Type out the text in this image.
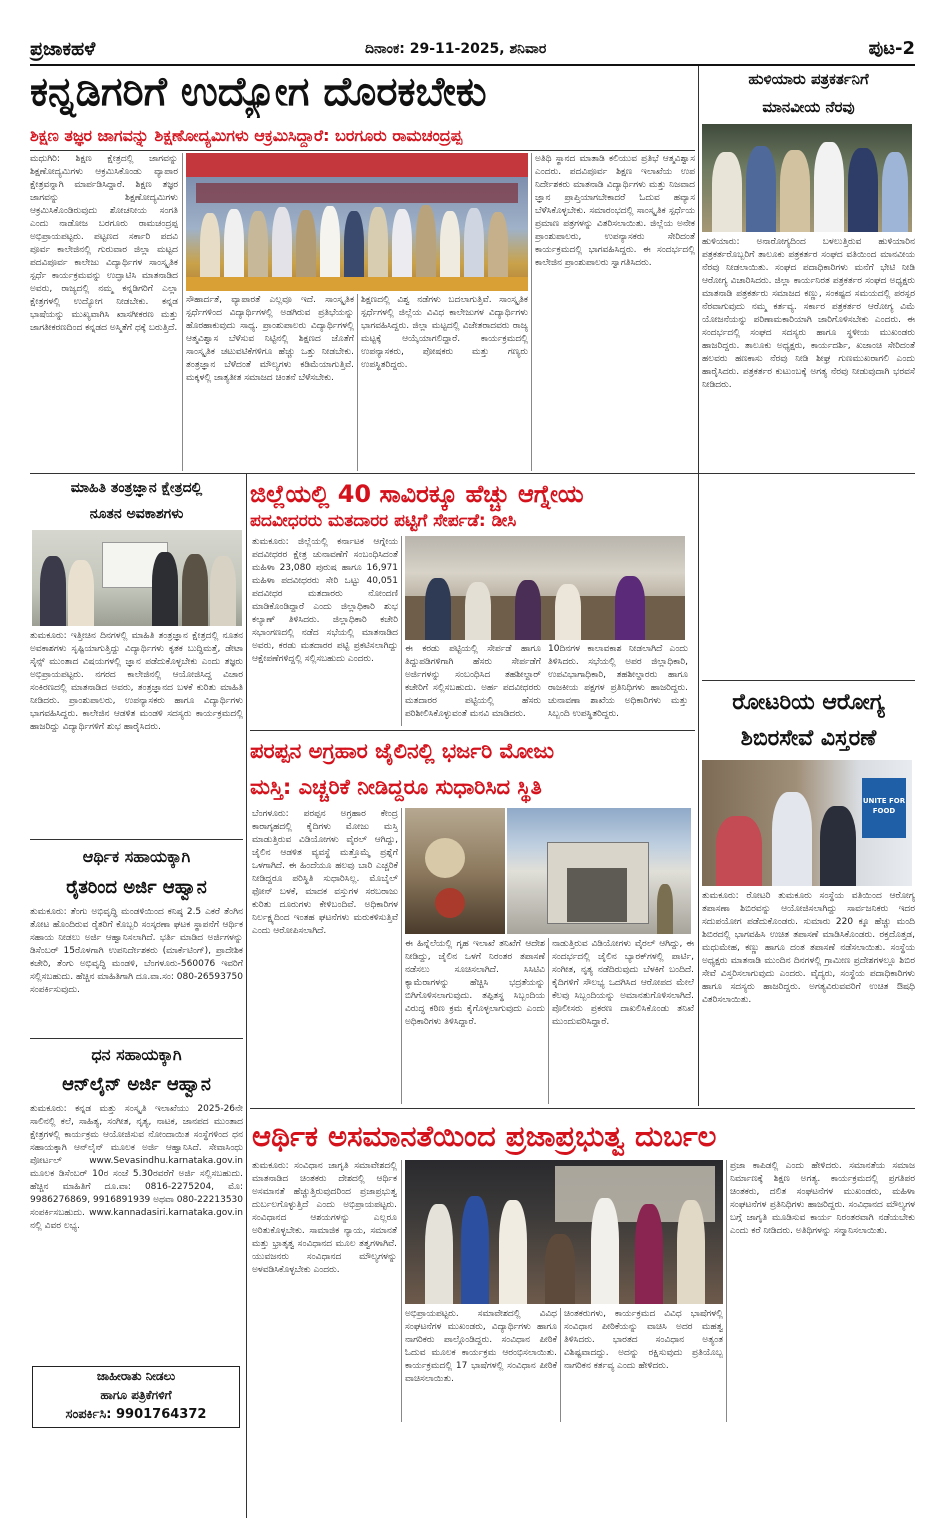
ಪ್ರಜಾಕಹಳೆ	ದಿನಾಂಕ: 29-11-2025, ಶನಿವಾರ	ಪುಟ-2
ಕನ್ನಡಿಗರಿಗೆ ಉದ್ಯೋಗ ದೊರಕಬೇಕು
ಶಿಕ್ಷಣ ತಜ್ಞರ ಜಾಗವನ್ನು ಶಿಕ್ಷಣೋದ್ಯಮಿಗಳು ಆಕ್ರಮಿಸಿದ್ದಾರೆ: ಬರಗೂರು ರಾಮಚಂದ್ರಪ್ಪ
ಮಧುಗಿರಿ: ಶಿಕ್ಷಣ ಕ್ಷೇತ್ರದಲ್ಲಿ ಜಾಗವನ್ನು ಶಿಕ್ಷಣೋದ್ಯಮಿಗಳು ಆಕ್ರಮಿಸಿಕೊಂಡು ವ್ಯಾಪಾರ ಕ್ಷೇತ್ರವನ್ನಾಗಿ ಮಾರ್ಪಡಿಸಿದ್ದಾರೆ. ಶಿಕ್ಷಣ ತಜ್ಞರ ಜಾಗವನ್ನು ಶಿಕ್ಷಣೋದ್ಯಮಿಗಳು ಆಕ್ರಮಿಸಿಕೊಂಡಿರುವುದು ಶೋಚನೀಯ ಸಂಗತಿ ಎಂದು ನಾಡೋಜ ಬರಗೂರು ರಾಮಚಂದ್ರಪ್ಪ ಅಭಿಪ್ರಾಯಪಟ್ಟರು. ಪಟ್ಟಣದ ಸರ್ಕಾರಿ ಪದವಿ ಪೂರ್ವ ಕಾಲೇಜಿನಲ್ಲಿ ಗುರುವಾರ ಜಿಲ್ಲಾ ಮಟ್ಟದ ಪದವಿಪೂರ್ವ ಕಾಲೇಜು ವಿದ್ಯಾರ್ಥಿಗಳ ಸಾಂಸ್ಕೃತಿಕ ಸ್ಪರ್ಧೆ ಕಾರ್ಯಕ್ರಮವನ್ನು ಉದ್ಘಾಟಿಸಿ ಮಾತನಾಡಿದ ಅವರು, ರಾಜ್ಯದಲ್ಲಿ ನಮ್ಮ ಕನ್ನಡಿಗರಿಗೆ ಎಲ್ಲಾ ಕ್ಷೇತ್ರಗಳಲ್ಲಿ ಉದ್ಯೋಗ ನೀಡಬೇಕು. ಕನ್ನಡ ಭಾಷೆಯನ್ನು ಮುಖ್ಯವಾಗಿಸಿ ಖಾಸಗೀಕರಣ ಮತ್ತು ಜಾಗತೀಕರಣದಿಂದ ಕನ್ನಡದ ಅಸ್ಮಿತೆಗೆ ಧಕ್ಕೆ ಬರುತ್ತಿದೆ.
ಸೌಹಾರ್ದತೆ, ವ್ಯಾಪಾರತೆ ಎಲ್ಲವೂ ಇದೆ. ಸಾಂಸ್ಕೃತಿಕ ಸ್ಪರ್ಧೆಗಳಿಂದ ವಿದ್ಯಾರ್ಥಿಗಳಲ್ಲಿ ಅಡಗಿರುವ ಪ್ರತಿಭೆಯನ್ನು ಹೊರಹಾಕುವುದು ಸಾಧ್ಯ. ಪ್ರಾಂಶುಪಾಲರು ವಿದ್ಯಾರ್ಥಿಗಳಲ್ಲಿ ಆತ್ಮವಿಶ್ವಾಸ ಬೆಳೆಸುವ ನಿಟ್ಟಿನಲ್ಲಿ ಶಿಕ್ಷಣದ ಜೊತೆಗೆ ಸಾಂಸ್ಕೃತಿಕ ಚಟುವಟಿಕೆಗಳಿಗೂ ಹೆಚ್ಚು ಒತ್ತು ನೀಡಬೇಕು. ತಂತ್ರಜ್ಞಾನ ಬೆಳೆದಂತೆ ಮೌಲ್ಯಗಳು ಕಡಿಮೆಯಾಗುತ್ತಿವೆ. ಮಕ್ಕಳಲ್ಲಿ ಜಾತ್ಯತೀತ ಸಮಾಜದ ಚಿಂತನೆ ಬೆಳೆಸಬೇಕು.
ಶಿಕ್ಷಣದಲ್ಲಿ ವಿಶ್ವ ನಡೆಗಳು ಬದಲಾಗುತ್ತಿವೆ. ಸಾಂಸ್ಕೃತಿಕ ಸ್ಪರ್ಧೆಗಳಲ್ಲಿ ಜಿಲ್ಲೆಯ ವಿವಿಧ ಕಾಲೇಜುಗಳ ವಿದ್ಯಾರ್ಥಿಗಳು ಭಾಗವಹಿಸಿದ್ದರು. ಜಿಲ್ಲಾ ಮಟ್ಟದಲ್ಲಿ ವಿಜೇತರಾದವರು ರಾಜ್ಯ ಮಟ್ಟಕ್ಕೆ ಆಯ್ಕೆಯಾಗಲಿದ್ದಾರೆ. ಕಾರ್ಯಕ್ರಮದಲ್ಲಿ ಉಪನ್ಯಾಸಕರು, ಪೋಷಕರು ಮತ್ತು ಗಣ್ಯರು ಉಪಸ್ಥಿತರಿದ್ದರು.
ಅತಿಥಿ ಸ್ಥಾನದ ಮಾತಾಡಿ ಕಲಿಯುವ ಪ್ರತಿಭೆ ಆತ್ಮವಿಶ್ವಾಸ ಎಂದರು. ಪದವಿಪೂರ್ವ ಶಿಕ್ಷಣ ಇಲಾಖೆಯ ಉಪ ನಿರ್ದೇಶಕರು ಮಾತನಾಡಿ ವಿದ್ಯಾರ್ಥಿಗಳು ಮತ್ತು ನಿಜವಾದ ಜ್ಞಾನ ಪ್ರಾಪ್ತಿಯಾಗಬೇಕಾದರೆ ಓದುವ ಹವ್ಯಾಸ ಬೆಳೆಸಿಕೊಳ್ಳಬೇಕು. ಸಮಾರಂಭದಲ್ಲಿ ಸಾಂಸ್ಕೃತಿಕ ಸ್ಪರ್ಧೆಯ ಪ್ರಮಾಣ ಪತ್ರಗಳನ್ನು ವಿತರಿಸಲಾಯಿತು. ಜಿಲ್ಲೆಯ ಅನೇಕ ಪ್ರಾಂಶುಪಾಲರು, ಉಪನ್ಯಾಸಕರು ಸೇರಿದಂತೆ ಕಾರ್ಯಕ್ರಮದಲ್ಲಿ ಭಾಗವಹಿಸಿದ್ದರು. ಈ ಸಂದರ್ಭದಲ್ಲಿ ಕಾಲೇಜಿನ ಪ್ರಾಂಶುಪಾಲರು ಸ್ವಾಗತಿಸಿದರು.
ಹುಳಿಯಾರು ಪತ್ರಕರ್ತನಿಗೆ
ಮಾನವೀಯ ನೆರವು
ಹುಳಿಯಾರು: ಅನಾರೋಗ್ಯದಿಂದ ಬಳಲುತ್ತಿರುವ ಹುಳಿಯಾರಿನ ಪತ್ರಕರ್ತರೊಬ್ಬರಿಗೆ ತಾಲೂಕು ಪತ್ರಕರ್ತರ ಸಂಘದ ವತಿಯಿಂದ ಮಾನವೀಯ ನೆರವು ನೀಡಲಾಯಿತು. ಸಂಘದ ಪದಾಧಿಕಾರಿಗಳು ಮನೆಗೆ ಭೇಟಿ ನೀಡಿ ಆರೋಗ್ಯ ವಿಚಾರಿಸಿದರು. ಜಿಲ್ಲಾ ಕಾರ್ಯನಿರತ ಪತ್ರಕರ್ತರ ಸಂಘದ ಅಧ್ಯಕ್ಷರು ಮಾತನಾಡಿ ಪತ್ರಕರ್ತರು ಸಮಾಜದ ಕಣ್ಣು, ಸಂಕಷ್ಟದ ಸಮಯದಲ್ಲಿ ಪರಸ್ಪರ ನೆರವಾಗುವುದು ನಮ್ಮ ಕರ್ತವ್ಯ. ಸರ್ಕಾರ ಪತ್ರಕರ್ತರ ಆರೋಗ್ಯ ವಿಮೆ ಯೋಜನೆಯನ್ನು ಪರಿಣಾಮಕಾರಿಯಾಗಿ ಜಾರಿಗೊಳಿಸಬೇಕು ಎಂದರು. ಈ ಸಂದರ್ಭದಲ್ಲಿ ಸಂಘದ ಸದಸ್ಯರು ಹಾಗೂ ಸ್ಥಳೀಯ ಮುಖಂಡರು ಹಾಜರಿದ್ದರು. ತಾಲೂಕು ಅಧ್ಯಕ್ಷರು, ಕಾರ್ಯದರ್ಶಿ, ಖಜಾಂಚಿ ಸೇರಿದಂತೆ ಹಲವರು ಹಣಕಾಸು ನೆರವು ನೀಡಿ ಶೀಘ್ರ ಗುಣಮುಖರಾಗಲಿ ಎಂದು ಹಾರೈಸಿದರು. ಪತ್ರಕರ್ತರ ಕುಟುಂಬಕ್ಕೆ ಅಗತ್ಯ ನೆರವು ನೀಡುವುದಾಗಿ ಭರವಸೆ ನೀಡಿದರು.
ರೋಟರಿಯ ಆರೋಗ್ಯ
ಶಿಬಿರಸೇವೆ ವಿಸ್ತರಣೆ
UNITE FOR FOOD
ತುಮಕೂರು: ರೋಟರಿ ತುಮಕೂರು ಸಂಸ್ಥೆಯ ವತಿಯಿಂದ ಆರೋಗ್ಯ ತಪಾಸಣಾ ಶಿಬಿರವನ್ನು ಆಯೋಜಿಸಲಾಗಿದ್ದು ಸಾರ್ವಜನಿಕರು ಇದರ ಸದುಪಯೋಗ ಪಡೆದುಕೊಂಡರು. ಸುಮಾರು 220 ಕ್ಕೂ ಹೆಚ್ಚು ಮಂದಿ ಶಿಬಿರದಲ್ಲಿ ಭಾಗವಹಿಸಿ ಉಚಿತ ತಪಾಸಣೆ ಮಾಡಿಸಿಕೊಂಡರು. ರಕ್ತದೊತ್ತಡ, ಮಧುಮೇಹ, ಕಣ್ಣು ಹಾಗೂ ದಂತ ತಪಾಸಣೆ ನಡೆಸಲಾಯಿತು. ಸಂಸ್ಥೆಯ ಅಧ್ಯಕ್ಷರು ಮಾತನಾಡಿ ಮುಂದಿನ ದಿನಗಳಲ್ಲಿ ಗ್ರಾಮೀಣ ಪ್ರದೇಶಗಳಲ್ಲೂ ಶಿಬಿರ ಸೇವೆ ವಿಸ್ತರಿಸಲಾಗುವುದು ಎಂದರು. ವೈದ್ಯರು, ಸಂಸ್ಥೆಯ ಪದಾಧಿಕಾರಿಗಳು ಹಾಗೂ ಸದಸ್ಯರು ಹಾಜರಿದ್ದರು. ಅಗತ್ಯವಿರುವವರಿಗೆ ಉಚಿತ ಔಷಧಿ ವಿತರಿಸಲಾಯಿತು.
ಮಾಹಿತಿ ತಂತ್ರಜ್ಞಾನ ಕ್ಷೇತ್ರದಲ್ಲಿ
ನೂತನ ಅವಕಾಶಗಳು
ತುಮಕೂರು: ಇತ್ತೀಚಿನ ದಿನಗಳಲ್ಲಿ ಮಾಹಿತಿ ತಂತ್ರಜ್ಞಾನ ಕ್ಷೇತ್ರದಲ್ಲಿ ನೂತನ ಅವಕಾಶಗಳು ಸೃಷ್ಟಿಯಾಗುತ್ತಿದ್ದು ವಿದ್ಯಾರ್ಥಿಗಳು ಕೃತಕ ಬುದ್ಧಿಮತ್ತೆ, ಡೇಟಾ ಸೈನ್ಸ್ ಮುಂತಾದ ವಿಷಯಗಳಲ್ಲಿ ಜ್ಞಾನ ಪಡೆದುಕೊಳ್ಳಬೇಕು ಎಂದು ತಜ್ಞರು ಅಭಿಪ್ರಾಯಪಟ್ಟರು. ನಗರದ ಕಾಲೇಜಿನಲ್ಲಿ ಆಯೋಜಿಸಿದ್ದ ವಿಚಾರ ಸಂಕಿರಣದಲ್ಲಿ ಮಾತನಾಡಿದ ಅವರು, ತಂತ್ರಜ್ಞಾನದ ಬಳಕೆ ಕುರಿತು ಮಾಹಿತಿ ನೀಡಿದರು. ಪ್ರಾಂಶುಪಾಲರು, ಉಪನ್ಯಾಸಕರು ಹಾಗೂ ವಿದ್ಯಾರ್ಥಿಗಳು ಭಾಗವಹಿಸಿದ್ದರು. ಕಾಲೇಜಿನ ಆಡಳಿತ ಮಂಡಳಿ ಸದಸ್ಯರು ಕಾರ್ಯಕ್ರಮದಲ್ಲಿ ಹಾಜರಿದ್ದು ವಿದ್ಯಾರ್ಥಿಗಳಿಗೆ ಶುಭ ಹಾರೈಸಿದರು.
ಆರ್ಥಿಕ ಸಹಾಯಕ್ಕಾಗಿ
ರೈತರಿಂದ ಅರ್ಜಿ ಆಹ್ವಾನ
ತುಮಕೂರು: ತೆಂಗು ಅಭಿವೃದ್ಧಿ ಮಂಡಳಿಯಿಂದ ಕನಿಷ್ಠ 2.5 ಎಕರೆ ತೆಂಗಿನ ತೋಟ ಹೊಂದಿರುವ ರೈತರಿಗೆ ಕೊಬ್ಬರಿ ಸಂಸ್ಕರಣಾ ಘಟಕ ಸ್ಥಾಪನೆಗೆ ಆರ್ಥಿಕ ಸಹಾಯ ನೀಡಲು ಅರ್ಜಿ ಆಹ್ವಾನಿಸಲಾಗಿದೆ. ಭರ್ತಿ ಮಾಡಿದ ಅರ್ಜಿಗಳನ್ನು ಡಿಸೆಂಬರ್ 15ರೊಳಗಾಗಿ ಉಪನಿರ್ದೇಶಕರು (ಮಾರ್ಕೆಟಿಂಗ್), ಪ್ರಾದೇಶಿಕ ಕಚೇರಿ, ತೆಂಗು ಅಭಿವೃದ್ಧಿ ಮಂಡಳಿ, ಬೆಂಗಳೂರು-560076 ಇವರಿಗೆ ಸಲ್ಲಿಸಬಹುದು. ಹೆಚ್ಚಿನ ಮಾಹಿತಿಗಾಗಿ ದೂ.ವಾ.ಸಂ: 080-26593750 ಸಂಪರ್ಕಿಸುವುದು.
ಧನ ಸಹಾಯಕ್ಕಾಗಿ
ಆನ್‌ಲೈನ್ ಅರ್ಜಿ ಆಹ್ವಾನ
ತುಮಕೂರು: ಕನ್ನಡ ಮತ್ತು ಸಂಸ್ಕೃತಿ ಇಲಾಖೆಯು 2025-26ನೇ ಸಾಲಿನಲ್ಲಿ ಕಲೆ, ಸಾಹಿತ್ಯ, ಸಂಗೀತ, ನೃತ್ಯ, ನಾಟಕ, ಜಾನಪದ ಮುಂತಾದ ಕ್ಷೇತ್ರಗಳಲ್ಲಿ ಕಾರ್ಯಕ್ರಮ ಆಯೋಜಿಸುವ ನೋಂದಾಯಿತ ಸಂಸ್ಥೆಗಳಿಂದ ಧನ ಸಹಾಯಕ್ಕಾಗಿ ಆನ್‌ಲೈನ್ ಮೂಲಕ ಅರ್ಜಿ ಆಹ್ವಾನಿಸಿದೆ. ಸೇವಾಸಿಂಧು ಪೋರ್ಟಲ್ www.Sevasindhu.karnataka.gov.in ಮೂಲಕ ಡಿಸೆಂಬರ್ 10ರ ಸಂಜೆ 5.30ರವರೆಗೆ ಅರ್ಜಿ ಸಲ್ಲಿಸಬಹುದು. ಹೆಚ್ಚಿನ ಮಾಹಿತಿಗೆ ದೂ.ವಾ: 0816-2275204, ಮೊ: 9986276869, 9916891939 ಅಥವಾ 080-22213530 ಸಂಪರ್ಕಿಸಬಹುದು. www.kannadasiri.karnataka.gov.in ನಲ್ಲಿ ವಿವರ ಲಭ್ಯ.
ಜಾಹೀರಾತು ನೀಡಲು
ಹಾಗೂ ಪತ್ರಿಕೆಗಳಿಗೆ
ಸಂಪರ್ಕಿಸಿ: 9901764372
ಜಿಲ್ಲೆಯಲ್ಲಿ 40 ಸಾವಿರಕ್ಕೂ ಹೆಚ್ಚು ಆಗ್ನೇಯ
ಪದವೀಧರರು ಮತದಾರರ ಪಟ್ಟಿಗೆ ಸೇರ್ಪಡೆ: ಡೀಸಿ
ತುಮಕೂರು: ಜಿಲ್ಲೆಯಲ್ಲಿ ಕರ್ನಾಟಕ ಆಗ್ನೇಯ ಪದವೀಧರರ ಕ್ಷೇತ್ರ ಚುನಾವಣೆಗೆ ಸಂಬಂಧಿಸಿದಂತೆ ಮಹಿಳಾ 23,080 ಪುರುಷ ಹಾಗೂ 16,971 ಮಹಿಳಾ ಪದವೀಧರರು ಸೇರಿ ಒಟ್ಟು 40,051 ಪದವೀಧರ ಮತದಾರರು ನೋಂದಣಿ ಮಾಡಿಕೊಂಡಿದ್ದಾರೆ ಎಂದು ಜಿಲ್ಲಾಧಿಕಾರಿ ಶುಭ ಕಲ್ಯಾಣ್ ತಿಳಿಸಿದರು. ಜಿಲ್ಲಾಧಿಕಾರಿ ಕಚೇರಿ ಸಭಾಂಗಣದಲ್ಲಿ ನಡೆದ ಸಭೆಯಲ್ಲಿ ಮಾತನಾಡಿದ ಅವರು, ಕರಡು ಮತದಾರರ ಪಟ್ಟಿ ಪ್ರಕಟಿಸಲಾಗಿದ್ದು ಆಕ್ಷೇಪಣೆಗಳಿದ್ದಲ್ಲಿ ಸಲ್ಲಿಸಬಹುದು ಎಂದರು.
ಈ ಕರಡು ಪಟ್ಟಿಯಲ್ಲಿ ಸೇರ್ಪಡೆ ಹಾಗೂ ತಿದ್ದುಪಡಿಗಳಿಗಾಗಿ ಹೆಸರು ಸೇರ್ಪಡೆಗೆ ಅರ್ಜಿಗಳನ್ನು ಸಂಬಂಧಿಸಿದ ತಹಶೀಲ್ದಾರ್ ಕಚೇರಿಗೆ ಸಲ್ಲಿಸಬಹುದು. ಅರ್ಹ ಪದವೀಧರರು ಮತದಾರರ ಪಟ್ಟಿಯಲ್ಲಿ ಹೆಸರು ಪರಿಶೀಲಿಸಿಕೊಳ್ಳುವಂತೆ ಮನವಿ ಮಾಡಿದರು.
10ದಿನಗಳ ಕಾಲಾವಕಾಶ ನೀಡಲಾಗಿದೆ ಎಂದು ತಿಳಿಸಿದರು. ಸಭೆಯಲ್ಲಿ ಅಪರ ಜಿಲ್ಲಾಧಿಕಾರಿ, ಉಪವಿಭಾಗಾಧಿಕಾರಿ, ತಹಶೀಲ್ದಾರರು ಹಾಗೂ ರಾಜಕೀಯ ಪಕ್ಷಗಳ ಪ್ರತಿನಿಧಿಗಳು ಹಾಜರಿದ್ದರು. ಚುನಾವಣಾ ಶಾಖೆಯ ಅಧಿಕಾರಿಗಳು ಮತ್ತು ಸಿಬ್ಬಂದಿ ಉಪಸ್ಥಿತರಿದ್ದರು.
ಪರಪ್ಪನ ಅಗ್ರಹಾರ ಜೈಲಿನಲ್ಲಿ ಭರ್ಜರಿ ಮೋಜು
ಮಸ್ತಿ: ಎಚ್ಚರಿಕೆ ನೀಡಿದ್ದರೂ ಸುಧಾರಿಸಿದ ಸ್ಥಿತಿ
ಬೆಂಗಳೂರು: ಪರಪ್ಪನ ಅಗ್ರಹಾರ ಕೇಂದ್ರ ಕಾರಾಗೃಹದಲ್ಲಿ ಕೈದಿಗಳು ಮೋಜು ಮಸ್ತಿ ಮಾಡುತ್ತಿರುವ ವಿಡಿಯೋಗಳು ವೈರಲ್ ಆಗಿದ್ದು, ಜೈಲಿನ ಆಡಳಿತ ವ್ಯವಸ್ಥೆ ಮತ್ತೊಮ್ಮೆ ಪ್ರಶ್ನೆಗೆ ಒಳಗಾಗಿದೆ. ಈ ಹಿಂದೆಯೂ ಹಲವು ಬಾರಿ ಎಚ್ಚರಿಕೆ ನೀಡಿದ್ದರೂ ಪರಿಸ್ಥಿತಿ ಸುಧಾರಿಸಿಲ್ಲ. ಮೊಬೈಲ್ ಫೋನ್ ಬಳಕೆ, ಮಾದಕ ವಸ್ತುಗಳ ಸರಬರಾಜು ಕುರಿತು ದೂರುಗಳು ಕೇಳಿಬಂದಿವೆ. ಅಧಿಕಾರಿಗಳ ನಿರ್ಲಕ್ಷ್ಯದಿಂದ ಇಂತಹ ಘಟನೆಗಳು ಮರುಕಳಿಸುತ್ತಿವೆ ಎಂದು ಆರೋಪಿಸಲಾಗಿದೆ.
ಈ ಹಿನ್ನೆಲೆಯಲ್ಲಿ ಗೃಹ ಇಲಾಖೆ ತನಿಖೆಗೆ ಆದೇಶ ನೀಡಿದ್ದು, ಜೈಲಿನ ಒಳಗೆ ನಿರಂತರ ತಪಾಸಣೆ ನಡೆಸಲು ಸೂಚಿಸಲಾಗಿದೆ. ಸಿಸಿಟಿವಿ ಕ್ಯಾಮೆರಾಗಳನ್ನು ಹೆಚ್ಚಿಸಿ ಭದ್ರತೆಯನ್ನು ಬಿಗಿಗೊಳಿಸಲಾಗುವುದು. ತಪ್ಪಿತಸ್ಥ ಸಿಬ್ಬಂದಿಯ ವಿರುದ್ಧ ಕಠಿಣ ಕ್ರಮ ಕೈಗೊಳ್ಳಲಾಗುವುದು ಎಂದು ಅಧಿಕಾರಿಗಳು ತಿಳಿಸಿದ್ದಾರೆ.
ನಾಡುತ್ತಿರುವ ವಿಡಿಯೋಗಳು ವೈರಲ್ ಆಗಿದ್ದು, ಈ ಸಂದರ್ಭದಲ್ಲಿ ಜೈಲಿನ ಬ್ಯಾರಕ್‌ಗಳಲ್ಲಿ ಪಾರ್ಟಿ, ಸಂಗೀತ, ನೃತ್ಯ ನಡೆದಿರುವುದು ಬೆಳಕಿಗೆ ಬಂದಿದೆ. ಕೈದಿಗಳಿಗೆ ಸೌಲಭ್ಯ ಒದಗಿಸಿದ ಆರೋಪದ ಮೇಲೆ ಕೆಲವು ಸಿಬ್ಬಂದಿಯನ್ನು ಅಮಾನತುಗೊಳಿಸಲಾಗಿದೆ. ಪೊಲೀಸರು ಪ್ರಕರಣ ದಾಖಲಿಸಿಕೊಂಡು ತನಿಖೆ ಮುಂದುವರಿಸಿದ್ದಾರೆ.
ಆರ್ಥಿಕ ಅಸಮಾನತೆಯಿಂದ ಪ್ರಜಾಪ್ರಭುತ್ವ ದುರ್ಬಲ
ತುಮಕೂರು: ಸಂವಿಧಾನ ಜಾಗೃತಿ ಸಮಾವೇಶದಲ್ಲಿ ಮಾತನಾಡಿದ ಚಿಂತಕರು ದೇಶದಲ್ಲಿ ಆರ್ಥಿಕ ಅಸಮಾನತೆ ಹೆಚ್ಚುತ್ತಿರುವುದರಿಂದ ಪ್ರಜಾಪ್ರಭುತ್ವ ದುರ್ಬಲಗೊಳ್ಳುತ್ತಿದೆ ಎಂದು ಅಭಿಪ್ರಾಯಪಟ್ಟರು. ಸಂವಿಧಾನದ ಆಶಯಗಳನ್ನು ಎಲ್ಲರೂ ಅರಿತುಕೊಳ್ಳಬೇಕು. ಸಾಮಾಜಿಕ ನ್ಯಾಯ, ಸಮಾನತೆ ಮತ್ತು ಭ್ರಾತೃತ್ವ ಸಂವಿಧಾನದ ಮೂಲ ತತ್ವಗಳಾಗಿವೆ. ಯುವಜನರು ಸಂವಿಧಾನದ ಮೌಲ್ಯಗಳನ್ನು ಅಳವಡಿಸಿಕೊಳ್ಳಬೇಕು ಎಂದರು.
ಅಭಿಪ್ರಾಯಪಟ್ಟರು. ಸಮಾವೇಶದಲ್ಲಿ ವಿವಿಧ ಸಂಘಟನೆಗಳ ಮುಖಂಡರು, ವಿದ್ಯಾರ್ಥಿಗಳು ಹಾಗೂ ನಾಗರಿಕರು ಪಾಲ್ಗೊಂಡಿದ್ದರು. ಸಂವಿಧಾನ ಪೀಠಿಕೆ ಓದುವ ಮೂಲಕ ಕಾರ್ಯಕ್ರಮ ಆರಂಭಿಸಲಾಯಿತು. ಕಾರ್ಯಕ್ರಮದಲ್ಲಿ 17 ಭಾಷೆಗಳಲ್ಲಿ ಸಂವಿಧಾನ ಪೀಠಿಕೆ ವಾಚಿಸಲಾಯಿತು.
ಚಿಂತಕರುಗಳು, ಕಾರ್ಯಕ್ರಮದ ವಿವಿಧ ಭಾಷೆಗಳಲ್ಲಿ ಸಂವಿಧಾನ ಪೀಠಿಕೆಯನ್ನು ವಾಚಿಸಿ ಅದರ ಮಹತ್ವ ತಿಳಿಸಿದರು. ಭಾರತದ ಸಂವಿಧಾನ ಅತ್ಯಂತ ವಿಶಿಷ್ಟವಾದದ್ದು. ಅದನ್ನು ರಕ್ಷಿಸುವುದು ಪ್ರತಿಯೊಬ್ಬ ನಾಗರಿಕನ ಕರ್ತವ್ಯ ಎಂದು ಹೇಳಿದರು.
ಪ್ರಜಾ ಕಾಪಿಡಲ್ಲಿ ಎಂದು ಹೇಳಿದರು. ಸಮಾನತೆಯ ಸಮಾಜ ನಿರ್ಮಾಣಕ್ಕೆ ಶಿಕ್ಷಣ ಅಗತ್ಯ. ಕಾರ್ಯಕ್ರಮದಲ್ಲಿ ಪ್ರಗತಿಪರ ಚಿಂತಕರು, ದಲಿತ ಸಂಘಟನೆಗಳ ಮುಖಂಡರು, ಮಹಿಳಾ ಸಂಘಟನೆಗಳ ಪ್ರತಿನಿಧಿಗಳು ಹಾಜರಿದ್ದರು. ಸಂವಿಧಾನದ ಮೌಲ್ಯಗಳ ಬಗ್ಗೆ ಜಾಗೃತಿ ಮೂಡಿಸುವ ಕಾರ್ಯ ನಿರಂತರವಾಗಿ ನಡೆಯಬೇಕು ಎಂದು ಕರೆ ನೀಡಿದರು. ಅತಿಥಿಗಳನ್ನು ಸನ್ಮಾನಿಸಲಾಯಿತು.
